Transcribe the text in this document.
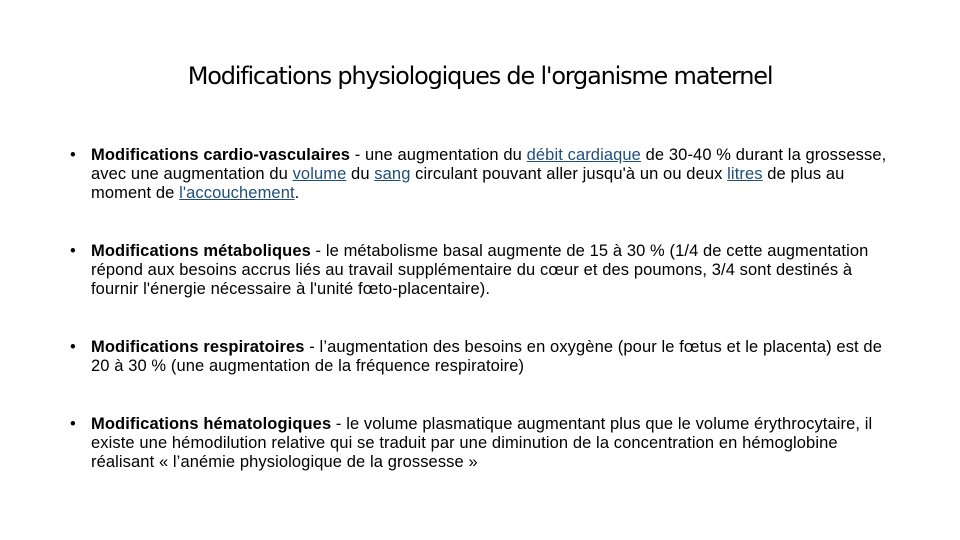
Modifications physiologiques de l'organisme maternel
• Modifications cardio-vasculaires - une augmentation du débit cardiaque de 30-40 % durant la grossesse, avec une augmentation du volume du sang circulant pouvant aller jusqu'à un ou deux litres de plus au moment de l'accouchement.
• Modifications métaboliques - le métabolisme basal augmente de 15 à 30 % (1/4 de cette augmentation répond aux besoins accrus liés au travail supplémentaire du cœur et des poumons, 3/4 sont destinés à fournir l'énergie nécessaire à l'unité fœto-placentaire).
• Modifications respiratoires - l’augmentation des besoins en oxygène (pour le fœtus et le placenta) est de 20 à 30 % (une augmentation de la fréquence respiratoire)
• Modifications hématologiques - le volume plasmatique augmentant plus que le volume érythrocytaire, il existe une hémodilution relative qui se traduit par une diminution de la concentration en hémoglobine réalisant « l’anémie physiologique de la grossesse »
